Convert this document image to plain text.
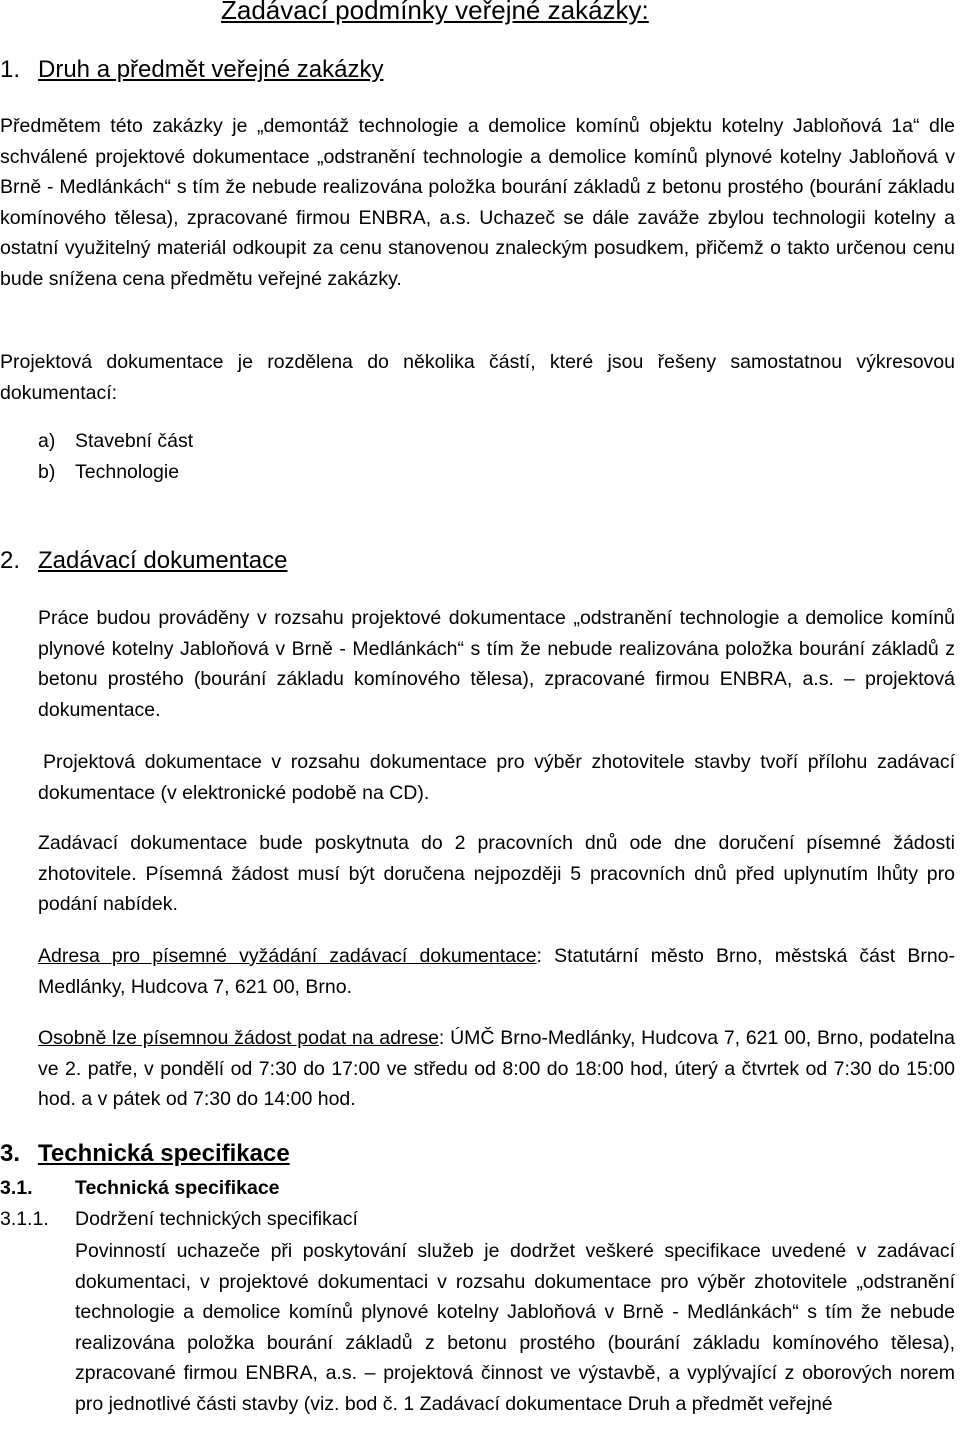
Zadávací podmínky veřejné zakázky:
1. Druh a předmět veřejné zakázky

Předmětem této zakázky je „demontáž technologie a demolice komínů objektu kotelny Jabloňová 1a“ dle schválené projektové dokumentace „odstranění technologie a demolice komínů plynové kotelny Jabloňová v Brně - Medlánkách“ s tím že nebude realizována položka bourání základů z betonu prostého (bourání základu komínového tělesa), zpracované firmou ENBRA, a.s. Uchazeč se dále zaváže zbylou technologii kotelny a ostatní využitelný materiál odkoupit za cenu stanovenou znaleckým posudkem, přičemž o takto určenou cenu bude snížena cena předmětu veřejné zakázky.

Projektová dokumentace je rozdělena do několika částí, které jsou řešeny samostatnou výkresovou dokumentací:

a) Stavební část
b) Technologie
2. Zadávací dokumentace

Práce budou prováděny v rozsahu projektové dokumentace „odstranění technologie a demolice komínů plynové kotelny Jabloňová v Brně - Medlánkách“ s tím že nebude realizována položka bourání základů z betonu prostého (bourání základu komínového tělesa), zpracované firmou ENBRA, a.s. – projektová dokumentace.

Projektová dokumentace v rozsahu dokumentace pro výběr zhotovitele stavby tvoří přílohu zadávací dokumentace (v elektronické podobě na CD).

Zadávací dokumentace bude poskytnuta do 2 pracovních dnů ode dne doručení písemné žádosti zhotovitele. Písemná žádost musí být doručena nejpozději 5 pracovních dnů před uplynutím lhůty pro podání nabídek.

Adresa pro písemné vyžádání zadávací dokumentace: Statutární město Brno, městská část Brno-Medlánky, Hudcova 7, 621 00, Brno.

Osobně lze písemnou žádost podat na adrese: ÚMČ Brno-Medlánky, Hudcova 7, 621 00, Brno, podatelna ve 2. patře, v pondělí od 7:30 do 17:00 ve středu od 8:00 do 18:00 hod, úterý a čtvrtek od 7:30 do 15:00 hod. a v pátek od 7:30 do 14:00 hod.

3. Technická specifikace
3.1. Technická specifikace
3.1.1. Dodržení technických specifikací

Povinností uchazeče při poskytování služeb je dodržet veškeré specifikace uvedené v zadávací dokumentaci, v projektové dokumentaci v rozsahu dokumentace pro výběr zhotovitele „odstranění technologie a demolice komínů plynové kotelny Jabloňová v Brně - Medlánkách“ s tím že nebude realizována položka bourání základů z betonu prostého (bourání základu komínového tělesa), zpracované firmou ENBRA, a.s. – projektová činnost ve výstavbě, a vyplývající z oborových norem pro jednotlivé části stavby (viz. bod č. 1 Zadávací dokumentace Druh a předmět veřejné
